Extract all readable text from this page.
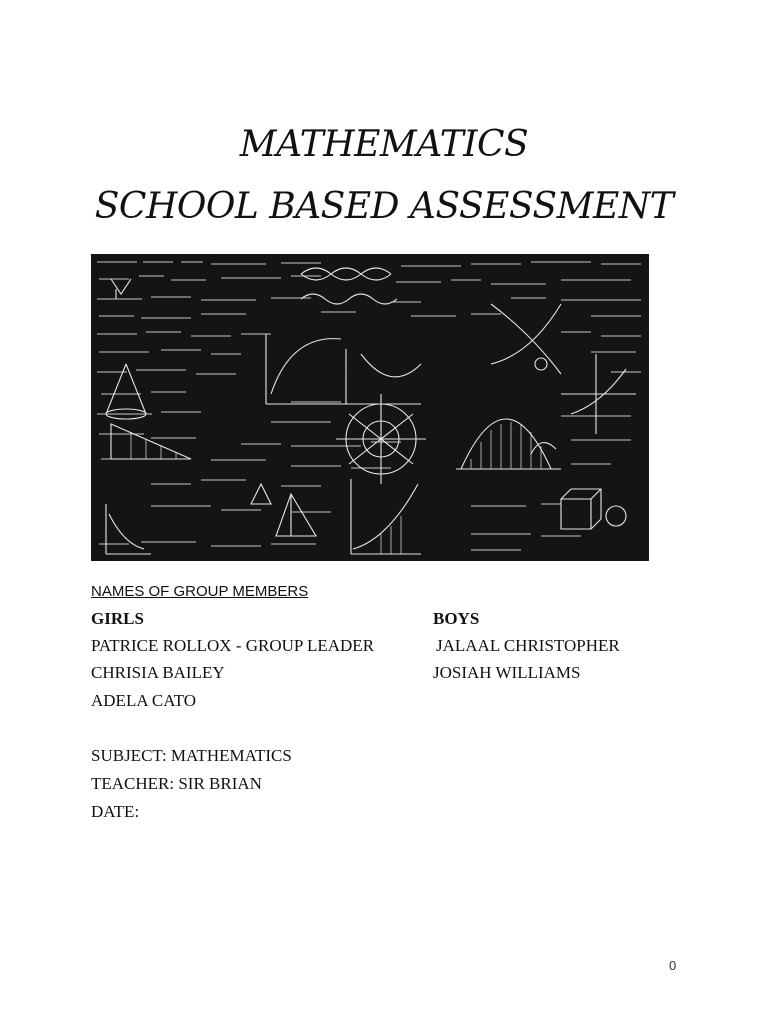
MATHEMATICS
SCHOOL BASED ASSESSMENT
NAMES OF GROUP MEMBERS
GIRLS	BOYS
PATRICE ROLLOX - GROUP LEADER
CHRISIA BAILEY
ADELA CATO
JALAAL CHRISTOPHER
JOSIAH WILLIAMS
SUBJECT: MATHEMATICS
TEACHER: SIR BRIAN
DATE:
0
